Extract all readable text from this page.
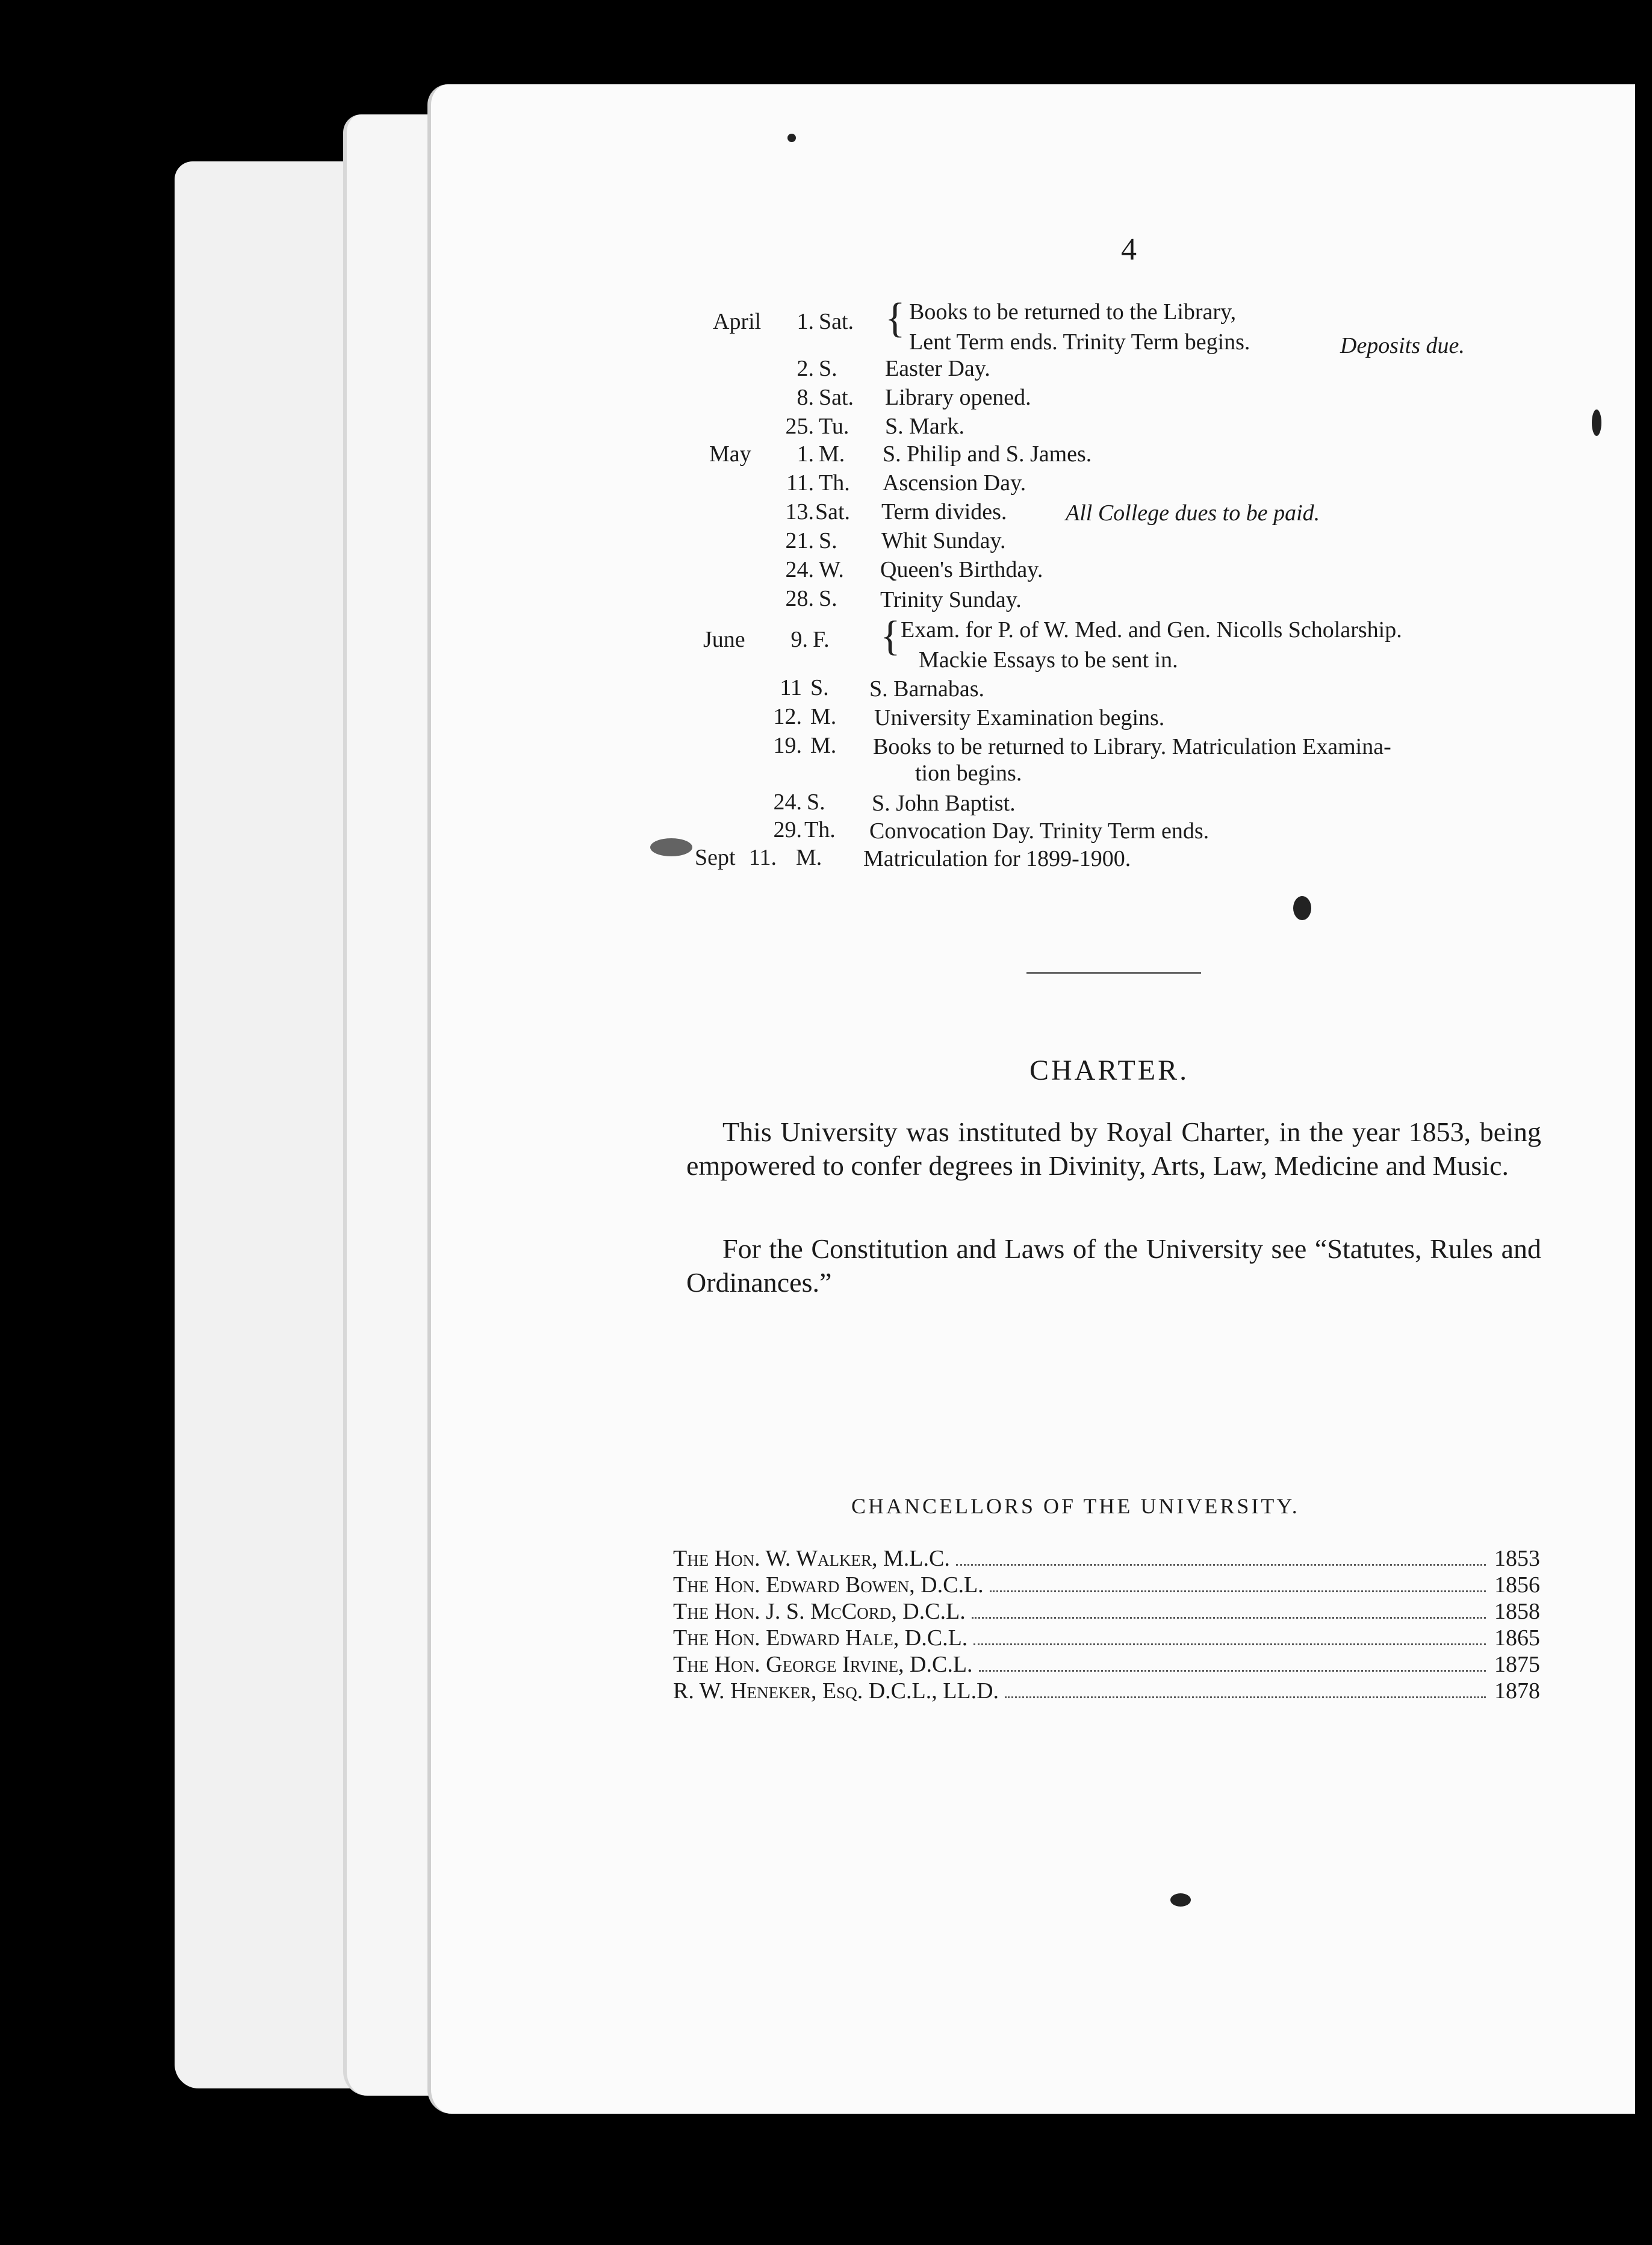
4
April	1. Sat. { Books to be returned to the Library,
Lent Term ends. Trinity Term begins.	Deposits due.
2. S. Easter Day.
8. Sat. Library opened.
25. Tu. S. Mark.
May	1. M. S. Philip and S. James.
11. Th. Ascension Day.
13. Sat. Term divides.	All College dues to be paid.
21. S. Whit Sunday.
24. W. Queen's Birthday.
28. S. Trinity Sunday.
June	9. F. { Exam. for P. of W. Med. and Gen. Nicolls Scholarship.
Mackie Essays to be sent in.
11 S. S. Barnabas.
12. M. University Examination begins.
19. M. Books to be returned to Library. Matriculation Examina-
tion begins.
24. S. S. John Baptist.
29. Th. Convocation Day. Trinity Term ends.
Sept 11. M. Matriculation for 1899-1900.
CHARTER.
This University was instituted by Royal Charter, in the year 1853, being empowered to confer degrees in Divinity, Arts, Law, Medicine and Music.
For the Constitution and Laws of the University see “Statutes, Rules and Ordinances.”
CHANCELLORS OF THE UNIVERSITY.
The Hon. W. Walker, M.L.C.	1853
The Hon. Edward Bowen, D.C.L.	1856
The Hon. J. S. McCord, D.C.L.	1858
The Hon. Edward Hale, D.C.L.	1865
The Hon. George Irvine, D.C.L.	1875
R. W. Heneker, Esq. D.C.L., LL.D.	1878
